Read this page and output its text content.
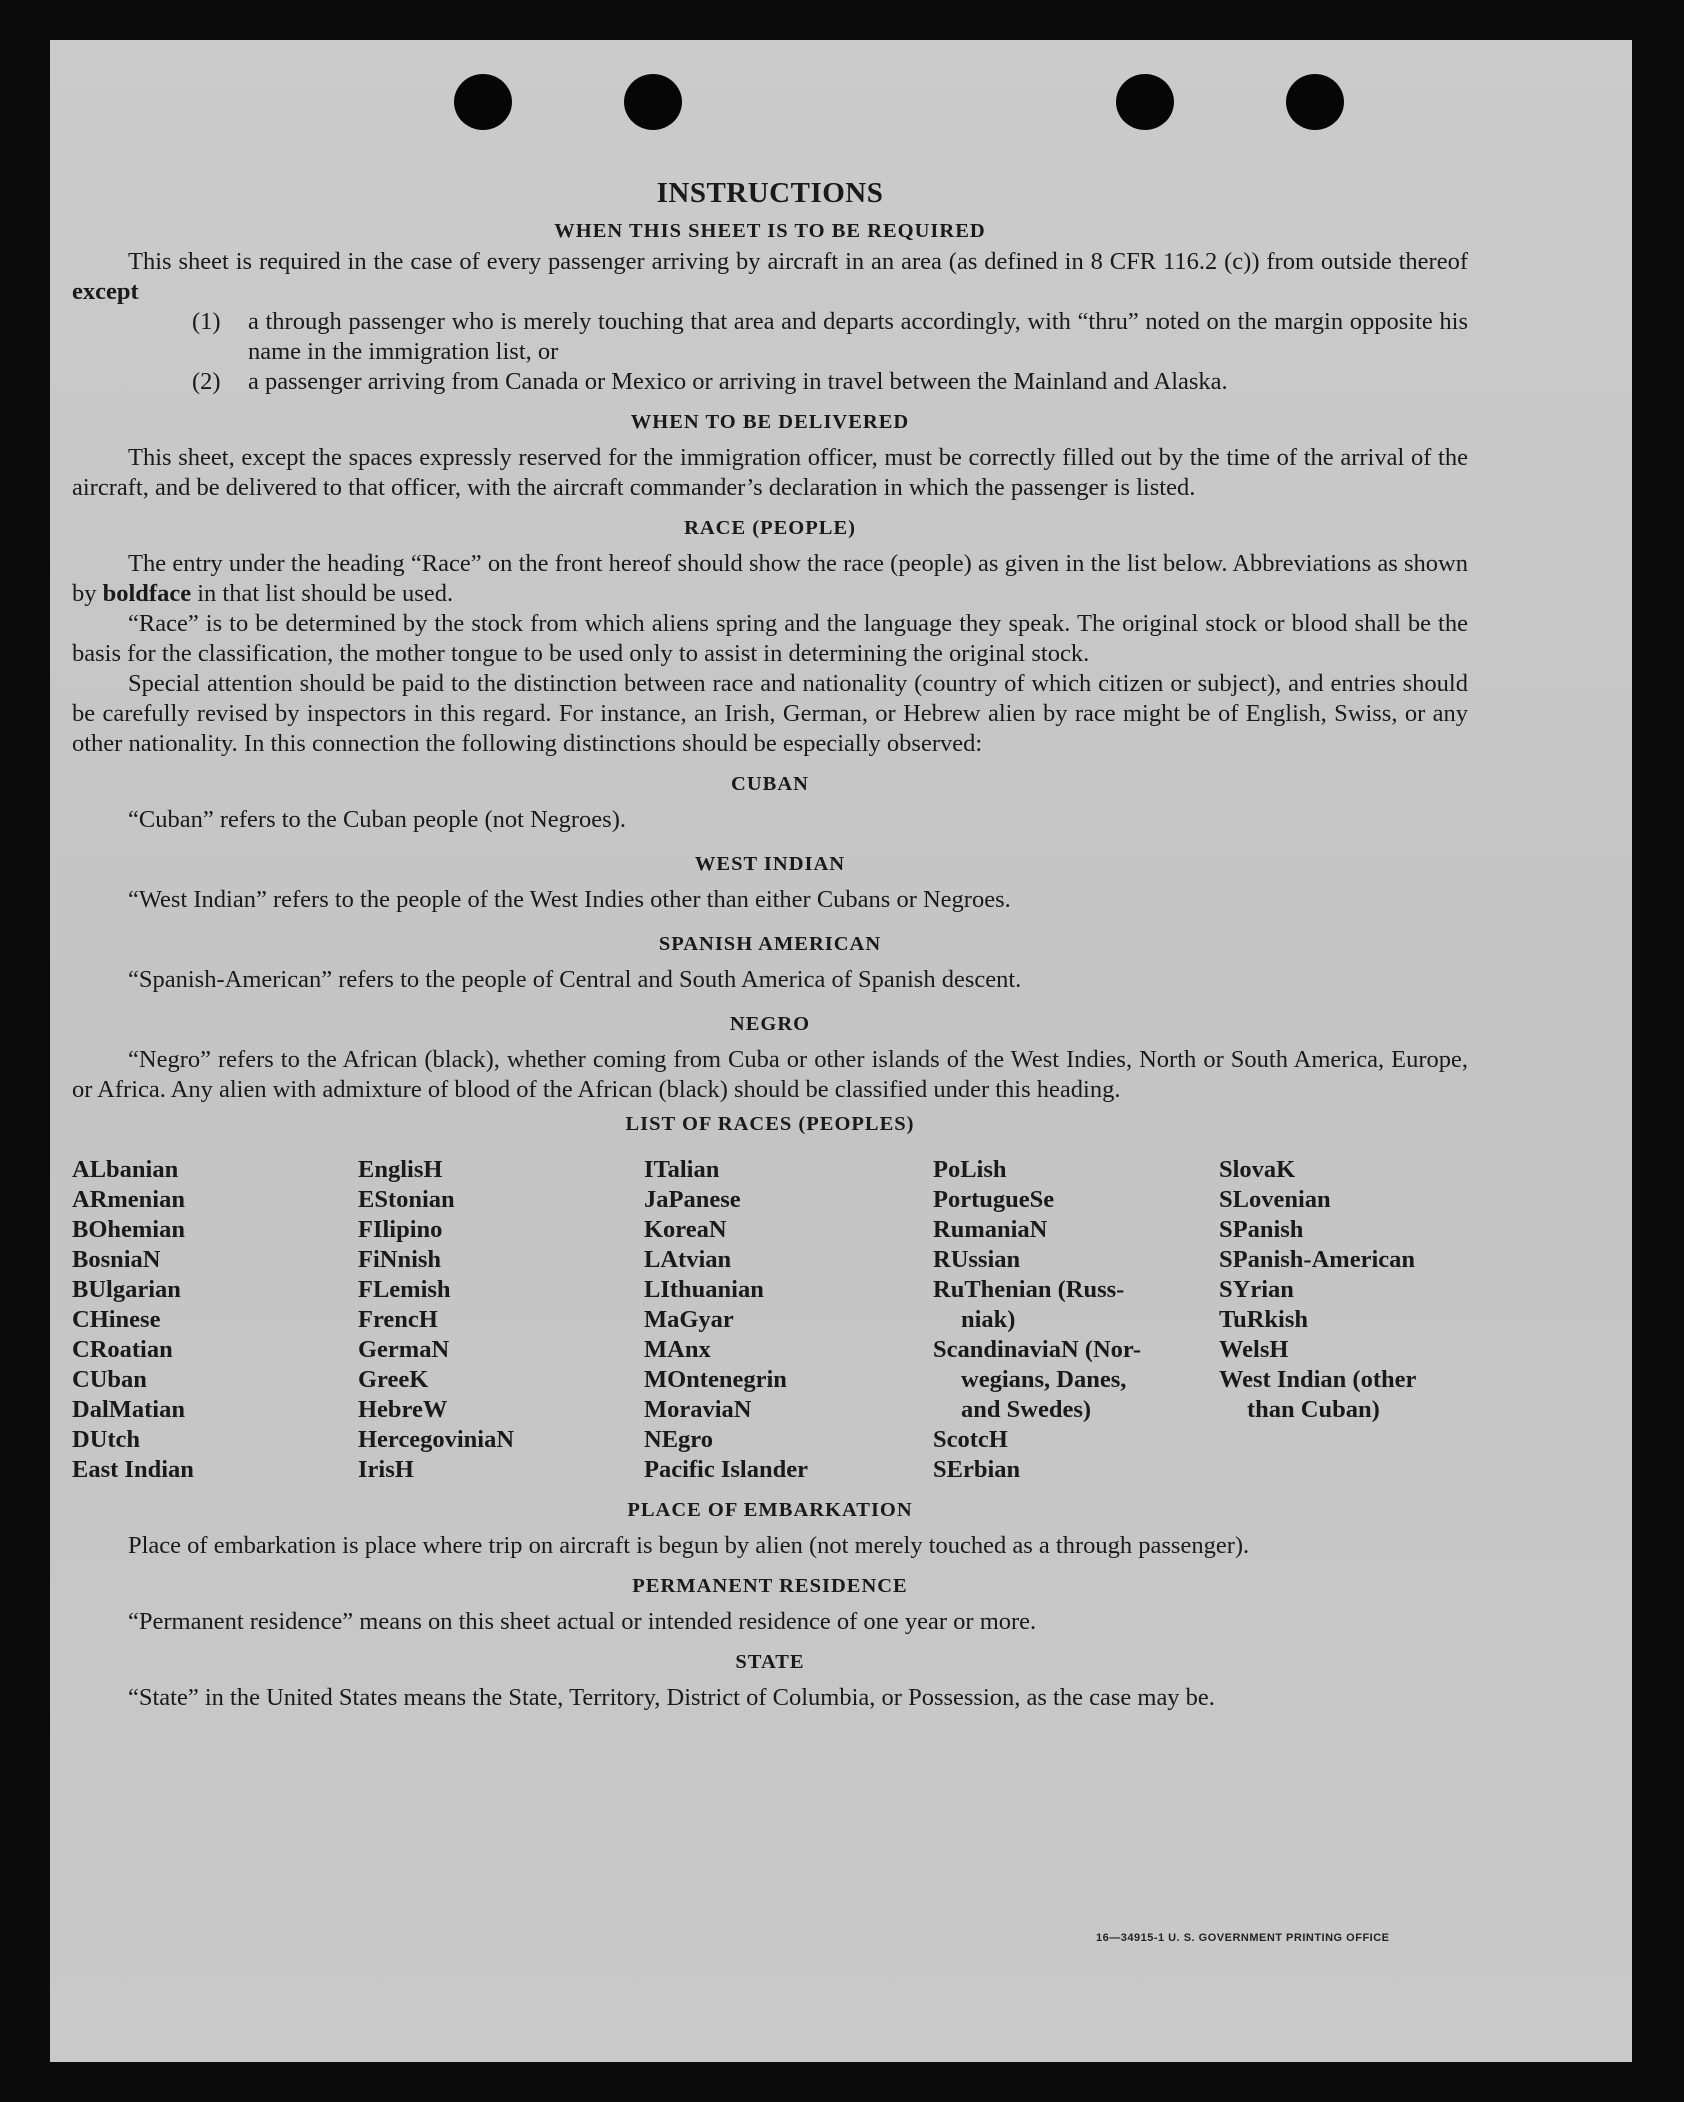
INSTRUCTIONS
WHEN THIS SHEET IS TO BE REQUIRED

This sheet is required in the case of every passenger arriving by aircraft in an area (as defined in 8 CFR 116.2 (c)) from outside thereof except

(1)	a through passenger who is merely touching that area and departs accordingly, with “thru” noted on the margin opposite his name in the immigration list, or
(2)	a passenger arriving from Canada or Mexico or arriving in travel between the Mainland and Alaska.
WHEN TO BE DELIVERED

This sheet, except the spaces expressly reserved for the immigration officer, must be correctly filled out by the time of the arrival of the aircraft, and be delivered to that officer, with the aircraft commander’s declaration in which the passenger is listed.

RACE (PEOPLE)

The entry under the heading “Race” on the front hereof should show the race (people) as given in the list below. Abbreviations as shown by boldface in that list should be used.

“Race” is to be determined by the stock from which aliens spring and the language they speak. The original stock or blood shall be the basis for the classification, the mother tongue to be used only to assist in determining the original stock.

Special attention should be paid to the distinction between race and nationality (country of which citizen or subject), and entries should be carefully revised by inspectors in this regard. For instance, an Irish, German, or Hebrew alien by race might be of English, Swiss, or any other nationality. In this connection the following distinctions should be especially observed:

CUBAN

“Cuban” refers to the Cuban people (not Negroes).

WEST INDIAN

“West Indian” refers to the people of the West Indies other than either Cubans or Negroes.

SPANISH AMERICAN

“Spanish-American” refers to the people of Central and South America of Spanish descent.

NEGRO

“Negro” refers to the African (black), whether coming from Cuba or other islands of the West Indies, North or South America, Europe, or Africa. Any alien with admixture of blood of the African (black) should be classified under this heading.

LIST OF RACES (PEOPLES)
ALbanian
ARmenian
BOhemian
BosniaN
BUlgarian
CHinese
CRoatian
CUban
DalMatian
DUtch
East Indian
EnglisH
EStonian
FIlipino
FiNnish
FLemish
FrencH
GermaN
GreeK
HebreW
HercegoviniaN
IrisH
ITalian
JaPanese
KoreaN
LAtvian
LIthuanian
MaGyar
MAnx
MOntenegrin
MoraviaN
NEgro
Pacific Islander
PoLish
PortugueSe
RumaniaN
RUssian
RuThenian (Russ-
niak)
ScandinaviaN (Nor-
wegians, Danes,
and Swedes)
ScotcH
SErbian
SlovaK
SLovenian
SPanish
SPanish-American
SYrian
TuRkish
WelsH
West Indian (other
than Cuban)
PLACE OF EMBARKATION

Place of embarkation is place where trip on aircraft is begun by alien (not merely touched as a through passenger).

PERMANENT RESIDENCE

“Permanent residence” means on this sheet actual or intended residence of one year or more.

STATE

“State” in the United States means the State, Territory, District of Columbia, or Possession, as the case may be.

16—34915-1 U. S. GOVERNMENT PRINTING OFFICE
